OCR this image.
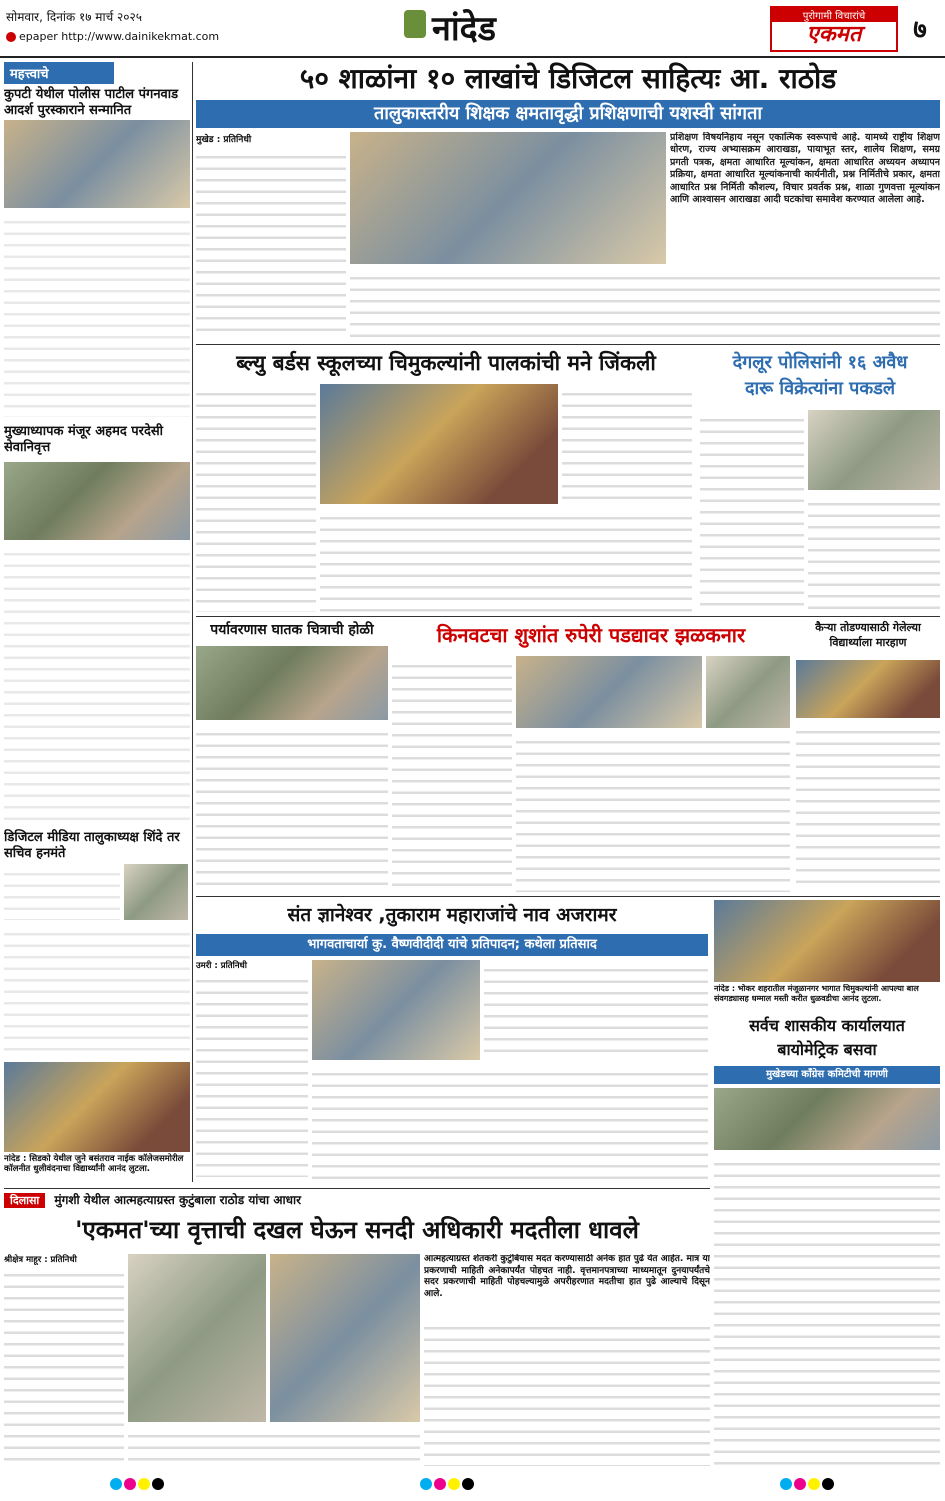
सोमवार, दिनांक १७ मार्च २०२५
epaper http://www.dainikekmat.com	नांदेड	पुरोगामी विचारांचे
एकमत	७
महत्त्वाचे
कुपटी येथील पोलीस पाटील पंगनवाड आदर्श पुरस्काराने सन्मानित
मुख्याध्यापक मंजूर अहमद परदेसी सेवानिवृत्त
डिजिटल मीडिया तालुकाध्यक्ष शिंदे तर सचिव हनमंते
नांदेड : सिडको येथील जुने बसंतराव नाईक कॉलेजसमोरील कॉलनीत धुलीवंदनाचा विद्यार्थ्यांनी आनंद लुटला.
५० शाळांना १० लाखांचे डिजिटल साहित्यः आ. राठोड
तालुकास्तरीय शिक्षक क्षमतावृद्धी प्रशिक्षणाची यशस्वी सांगता
मुखेड : प्रतिनिधी	प्रशिक्षण विषयनिहाय नसून एकात्मिक स्वरूपाचे आहे. यामध्ये राष्ट्रीय शिक्षण धोरण, राज्य अभ्यासक्रम आराखडा, पायाभूत स्तर, शालेय शिक्षण, समग्र प्रगती पत्रक, क्षमता आधारित मूल्यांकन, क्षमता आधारित अध्ययन अध्यापन प्रक्रिया, क्षमता आधारित मूल्यांकनाची कार्यनीती, प्रश्न निर्मितीचे प्रकार, क्षमता आधारित प्रश्न निर्मिती कौशल्य, विचार प्रवर्तक प्रश्न, शाळा गुणवत्ता मूल्यांकन आणि आश्वासन आराखडा आदी घटकांचा समावेश करण्यात आलेला आहे.
ब्ल्यु बर्डस स्कूलच्या चिमुकल्यांनी पालकांची मने जिंकली	देगलूर पोलिसांनी १६ अवैध
दारू विक्रेत्यांना पकडले
पर्यावरणास घातक चित्राची होळी	किनवटचा शुशांत रुपेरी पडद्यावर झळकनार	कैऱ्या तोडण्यासाठी गेलेल्या विद्यार्थ्याला मारहाण
संत ज्ञानेश्वर ,तुकाराम महाराजांचे नाव अजरामर
भागवताचार्या कु. वैष्णवीदीदी यांचे प्रतिपादन; कथेला प्रतिसाद
उमरी : प्रतिनिधी
नांदेड : भोकर शहरातील मंजूळानगर भागात चिमुकल्यांनी आपल्या बाल संवगड्यासह धम्माल मस्ती करीत धुळवडीचा आनंद लुटला.
सर्वच शासकीय कार्यालयात
बायोमेट्रिक बसवा
मुखेडच्या कॉंग्रेस कमिटीची मागणी
दिलासा मुंगशी येथील आत्महत्याग्रस्त कुटुंबाला राठोड यांचा आधार
'एकमत'च्या वृत्ताची दखल घेऊन सनदी अधिकारी मदतीला धावले
श्रीक्षेत्र माहूर : प्रतिनिधी	आत्महत्याग्रस्त शेतकरी कुटुंबियास मदत करण्यासाठी अनेक हात पुढे येत आहेत. मात्र या प्रकरणाची माहिती अनेकापर्यंत पोहचत नाही. वृत्तमानपत्राच्या माध्यमातून दुनयापर्यंतचे सदर प्रकरणाची माहिती पोहचल्यामुळे अपरीहरणात मदतीचा हात पुढे आल्याचे दिसून आले.
